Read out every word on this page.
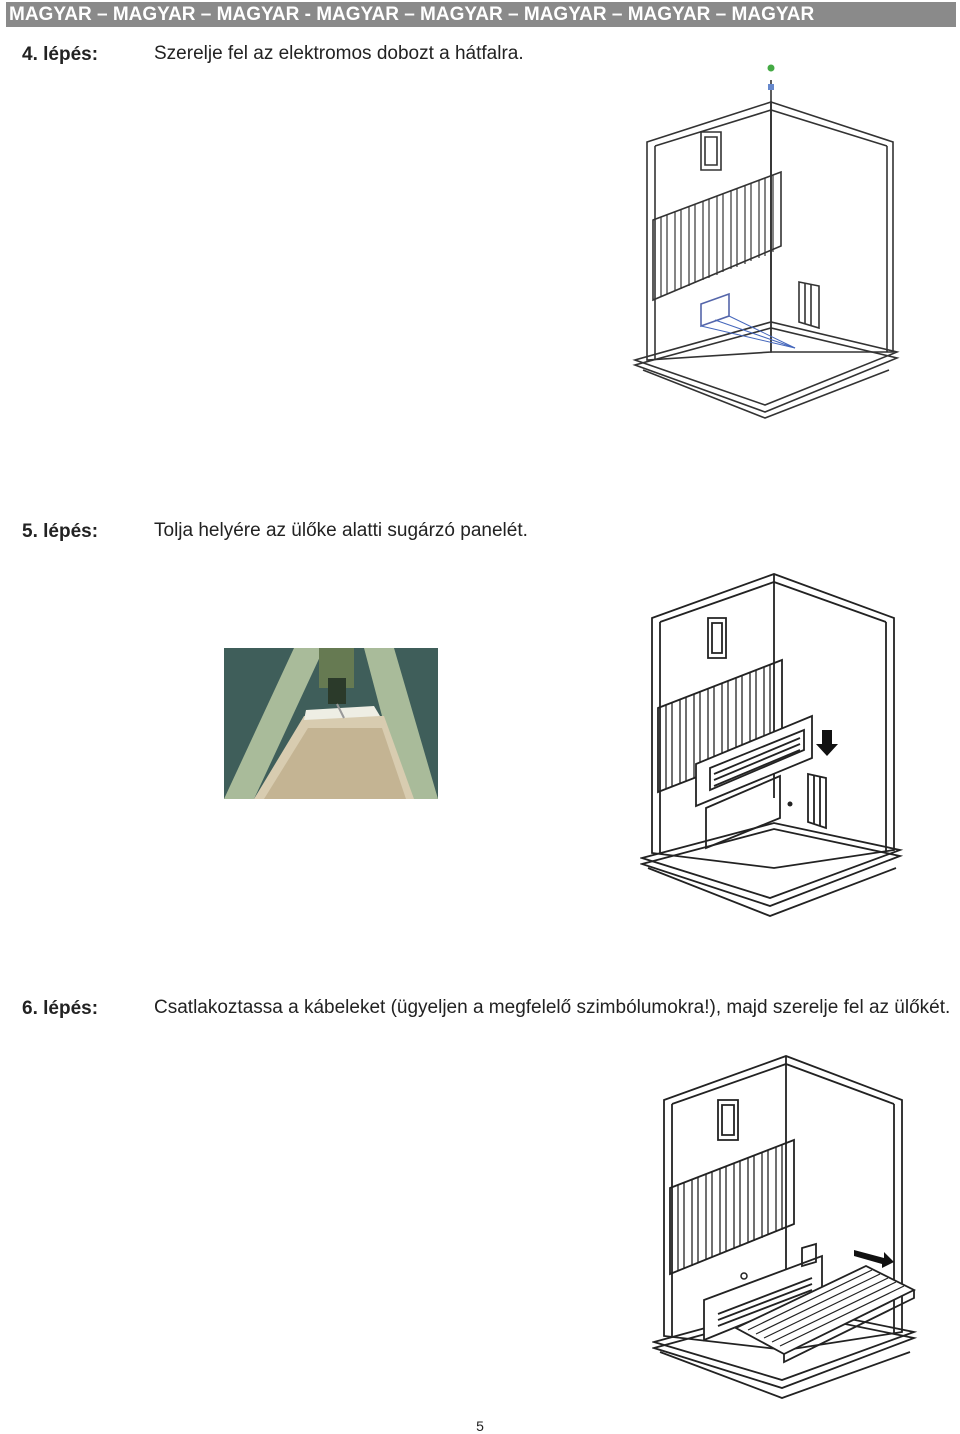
MAGYAR – MAGYAR – MAGYAR - MAGYAR – MAGYAR – MAGYAR – MAGYAR – MAGYAR
4. lépés:	Szerelje fel az elektromos dobozt a hátfalra.
5. lépés:	Tolja helyére az ülőke alatti sugárzó panelét.
6. lépés:	Csatlakoztassa a kábeleket (ügyeljen a megfelelő szimbólumokra!), majd szerelje fel az ülőkét.
5
